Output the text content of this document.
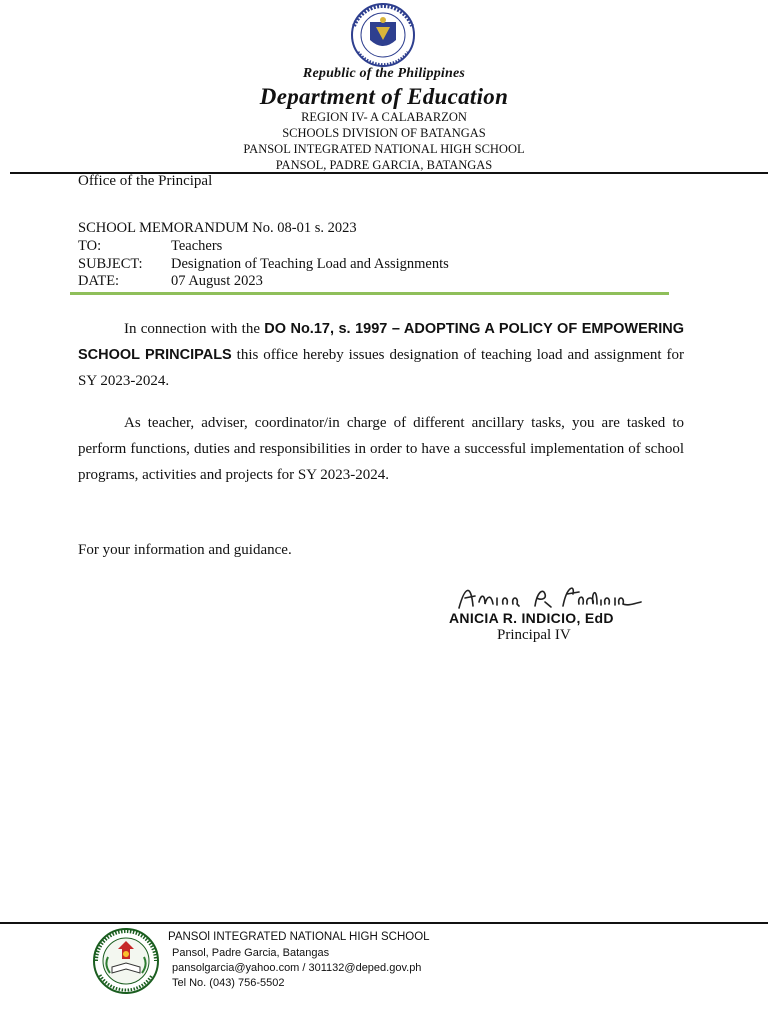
Republic of the Philippines
Department of Education
REGION IV- A CALABARZON
SCHOOLS DIVISION OF BATANGAS
PANSOL INTEGRATED NATIONAL HIGH SCHOOL
PANSOL, PADRE GARCIA, BATANGAS
Office of the Principal
SCHOOL MEMORANDUM No. 08-01 s. 2023
TO:	Teachers
SUBJECT: Designation of Teaching Load and Assignments
DATE:	07 August 2023
In connection with the DO No.17, s. 1997 – ADOPTING A POLICY OF EMPOWERING SCHOOL PRINCIPALS this office hereby issues designation of teaching load and assignment for SY 2023-2024.
As teacher, adviser, coordinator/in charge of different ancillary tasks, you are tasked to perform functions, duties and responsibilities in order to have a successful implementation of school programs, activities and projects for SY 2023-2024.
For your information and guidance.
ANICIA R. INDICIO, EdD
Principal IV
PANSOl INTEGRATED NATIONAL HIGH SCHOOL
Pansol, Padre Garcia, Batangas
pansolgarcia@yahoo.com / 301132@deped.gov.ph
Tel No. (043) 756-5502
